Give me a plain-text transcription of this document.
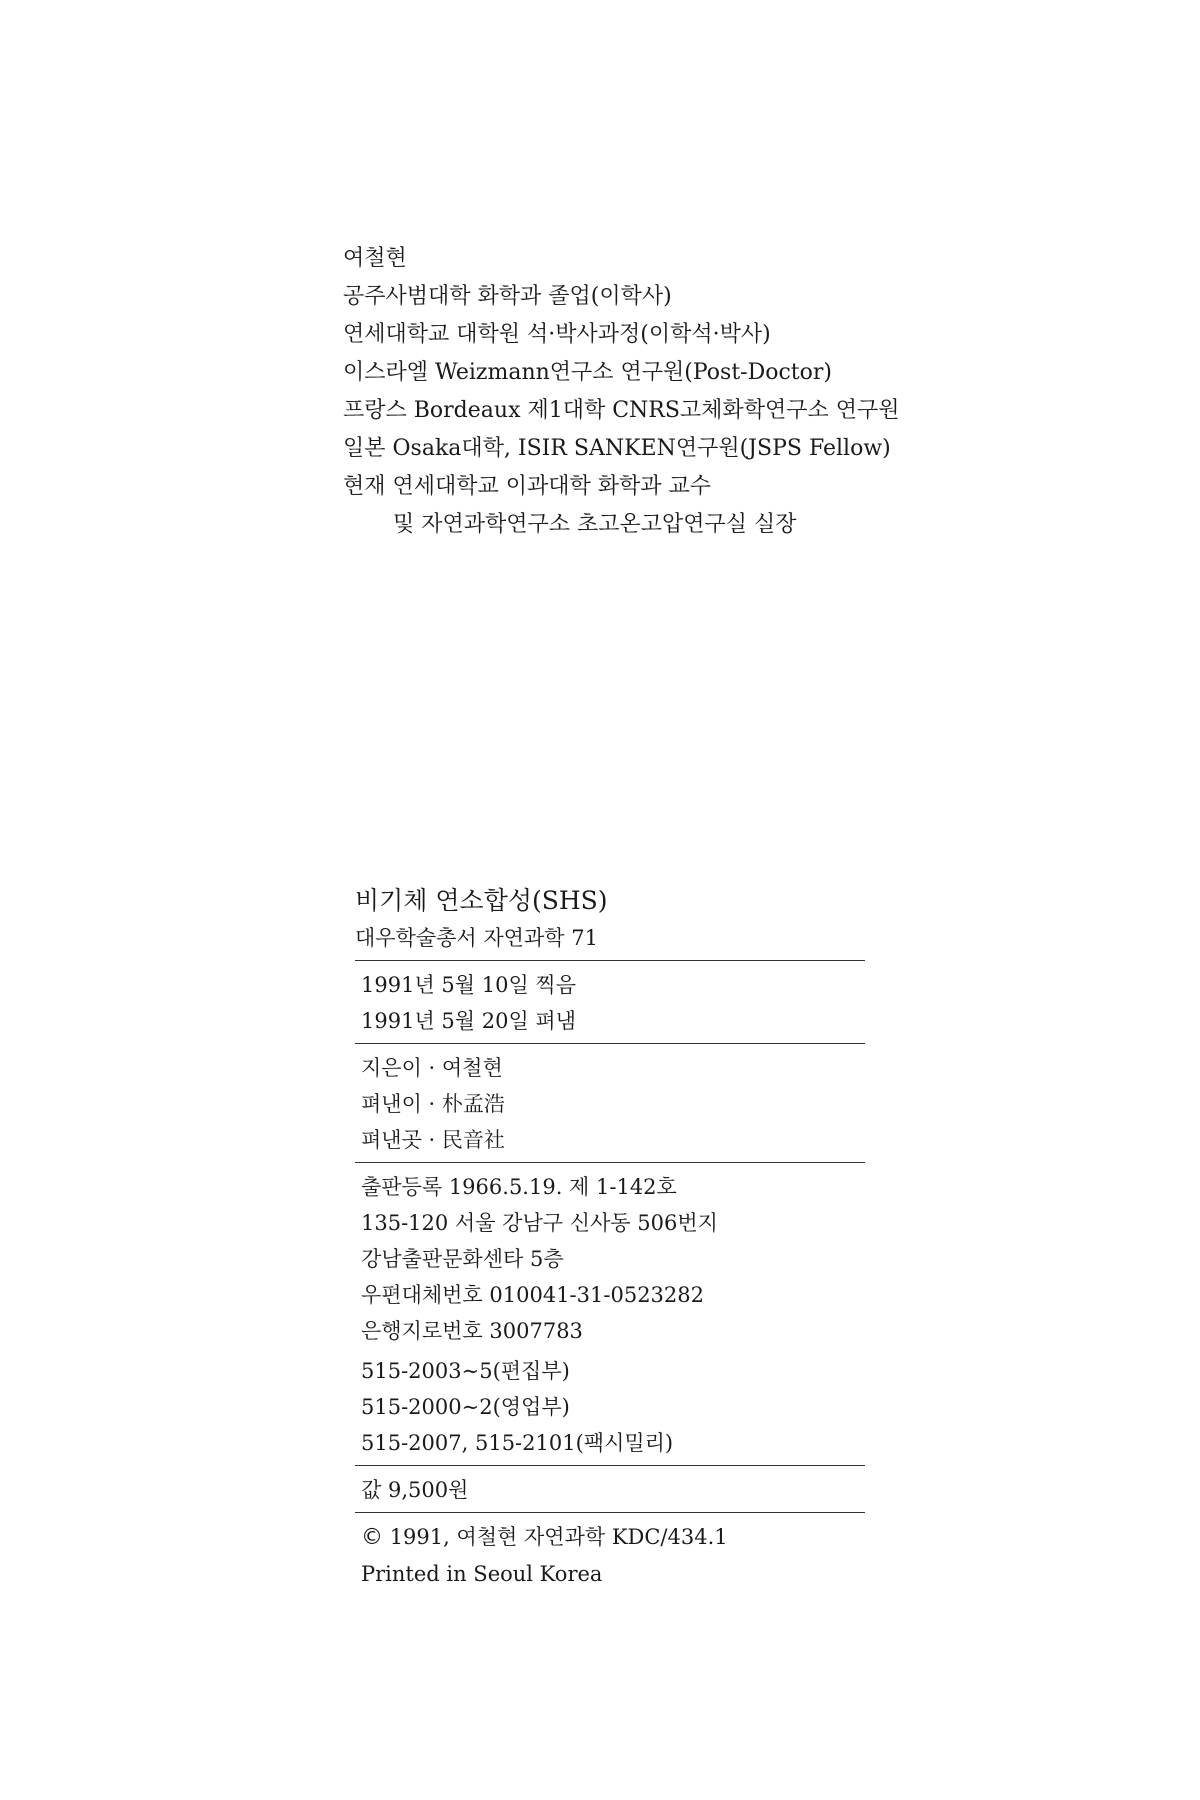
여철현
공주사범대학 화학과 졸업(이학사)
연세대학교 대학원 석·박사과정(이학석·박사)
이스라엘 Weizmann연구소 연구원(Post-Doctor)
프랑스 Bordeaux 제1대학 CNRS고체화학연구소 연구원
일본 Osaka대학, ISIR SANKEN연구원(JSPS Fellow)
현재 연세대학교 이과대학 화학과 교수
및 자연과학연구소 초고온고압연구실 실장
비기체 연소합성(SHS)
대우학술총서 자연과학 71
1991년 5월 10일 찍음
1991년 5월 20일 펴냄
지은이 · 여철현
펴낸이 · 朴孟浩
펴낸곳 · 民音社
출판등록 1966.5.19. 제 1-142호
135-120 서울 강남구 신사동 506번지
강남출판문화센타 5층
우편대체번호 010041-31-0523282
은행지로번호 3007783
515-2003∼5(편집부)
515-2000∼2(영업부)
515-2007, 515-2101(팩시밀리)
값 9,500원
© 1991, 여철현 자연과학 KDC/434.1
Printed in Seoul Korea
